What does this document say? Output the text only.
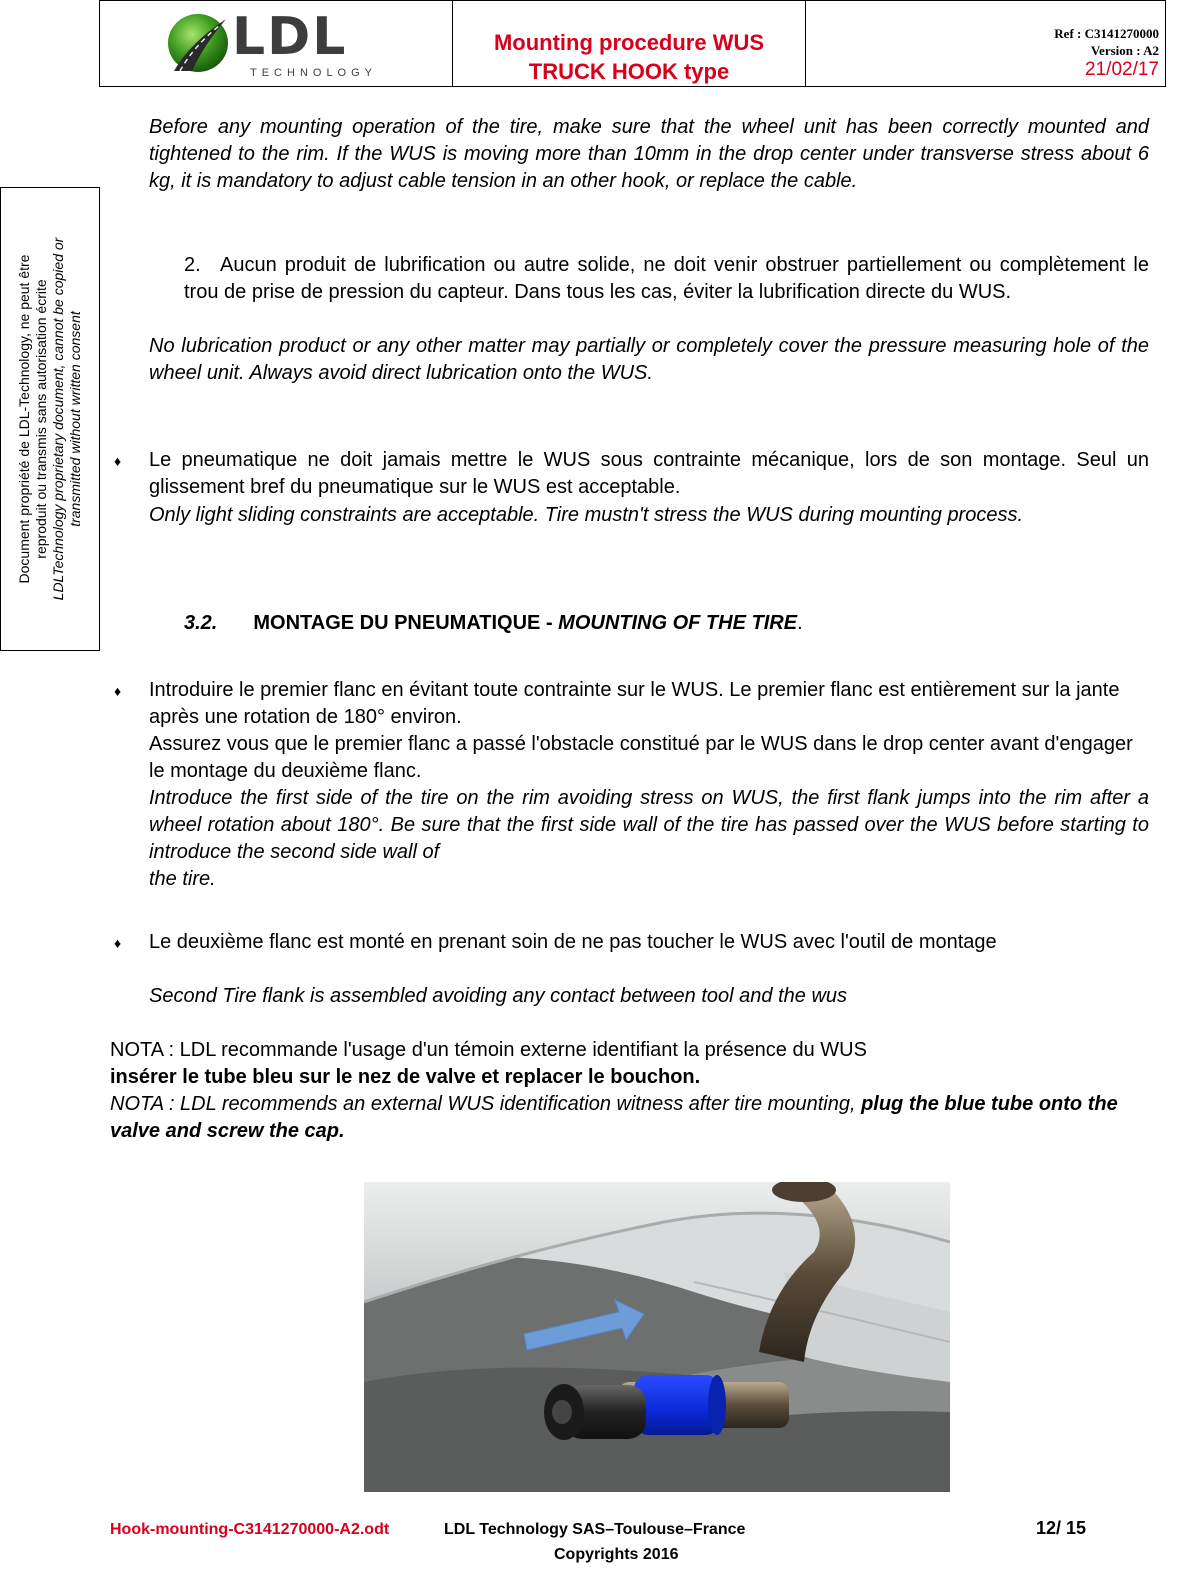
LDL
TECHNOLOGY
Mounting procedure WUS
TRUCK HOOK type
Ref : C3141270000
Version : A2
21/02/17
Document propriété de LDL-Technology, ne peut être reproduit ou transmis sans autorisation écrite LDLTechnology proprietary document, cannot be copied or transmitted without written consent
Before any mounting operation of the tire, make sure that the wheel unit has been correctly mounted and tightened to the rim. If the WUS is moving more than 10mm in the drop center under transverse stress about 6 kg, it is mandatory to adjust cable tension in an other hook, or replace the cable.
2. Aucun produit de lubrification ou autre solide, ne doit venir obstruer partiellement ou complètement le trou de prise de pression du capteur. Dans tous les cas, éviter la lubrification directe du WUS.
No lubrication product or any other matter may partially or completely cover the pressure measuring hole of the wheel unit. Always avoid direct lubrication onto the WUS.
♦ Le pneumatique ne doit jamais mettre le WUS sous contrainte mécanique, lors de son montage. Seul un glissement bref du pneumatique sur le WUS est acceptable.
Only light sliding constraints are acceptable. Tire mustn't stress the WUS during mounting process.
3.2. MONTAGE DU PNEUMATIQUE - MOUNTING OF THE TIRE.
♦ Introduire le premier flanc en évitant toute contrainte sur le WUS. Le premier flanc est entièrement sur la jante après une rotation de 180° environ.
Assurez vous que le premier flanc a passé l'obstacle constitué par le WUS dans le drop center avant d'engager le montage du deuxième flanc.
Introduce the first side of the tire on the rim avoiding stress on WUS, the first flank jumps into the rim after a wheel rotation about 180°. Be sure that the first side wall of the tire has passed over the WUS before starting to introduce the second side wall of
the tire.
♦ Le deuxième flanc est monté en prenant soin de ne pas toucher le WUS avec l'outil de montage
Second Tire flank is assembled avoiding any contact between tool and the wus
NOTA : LDL recommande l'usage d'un témoin externe identifiant la présence du WUS
insérer le tube bleu sur le nez de valve et replacer le bouchon.
NOTA : LDL recommends an external WUS identification witness after tire mounting, plug the blue tube onto the valve and screw the cap.
Hook-mounting-C3141270000-A2.odt	LDL Technology SAS–Toulouse–France	12/ 15
Copyrights 2016
